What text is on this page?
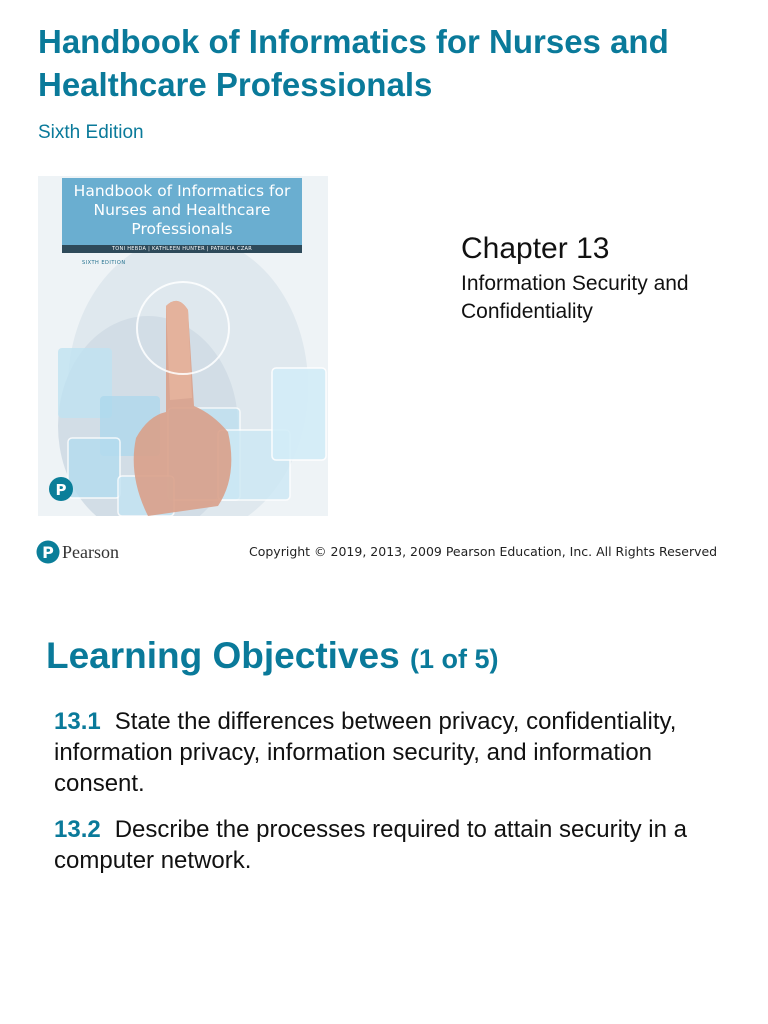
Handbook of Informatics for Nurses and Healthcare Professionals
Sixth Edition
P
Handbook of Informatics for Nurses and Healthcare Professionals
TONI HEBDA | KATHLEEN HUNTER | PATRICIA CZAR
SIXTH EDITION	Chapter 13
Information Security and Confidentiality
P Pearson	Copyright © 2019, 2013, 2009 Pearson Education, Inc. All Rights Reserved
Learning Objectives (1 of 5)
13.1 State the differences between privacy, confidentiality, information privacy, information security, and information consent.
13.2 Describe the processes required to attain security in a computer network.
